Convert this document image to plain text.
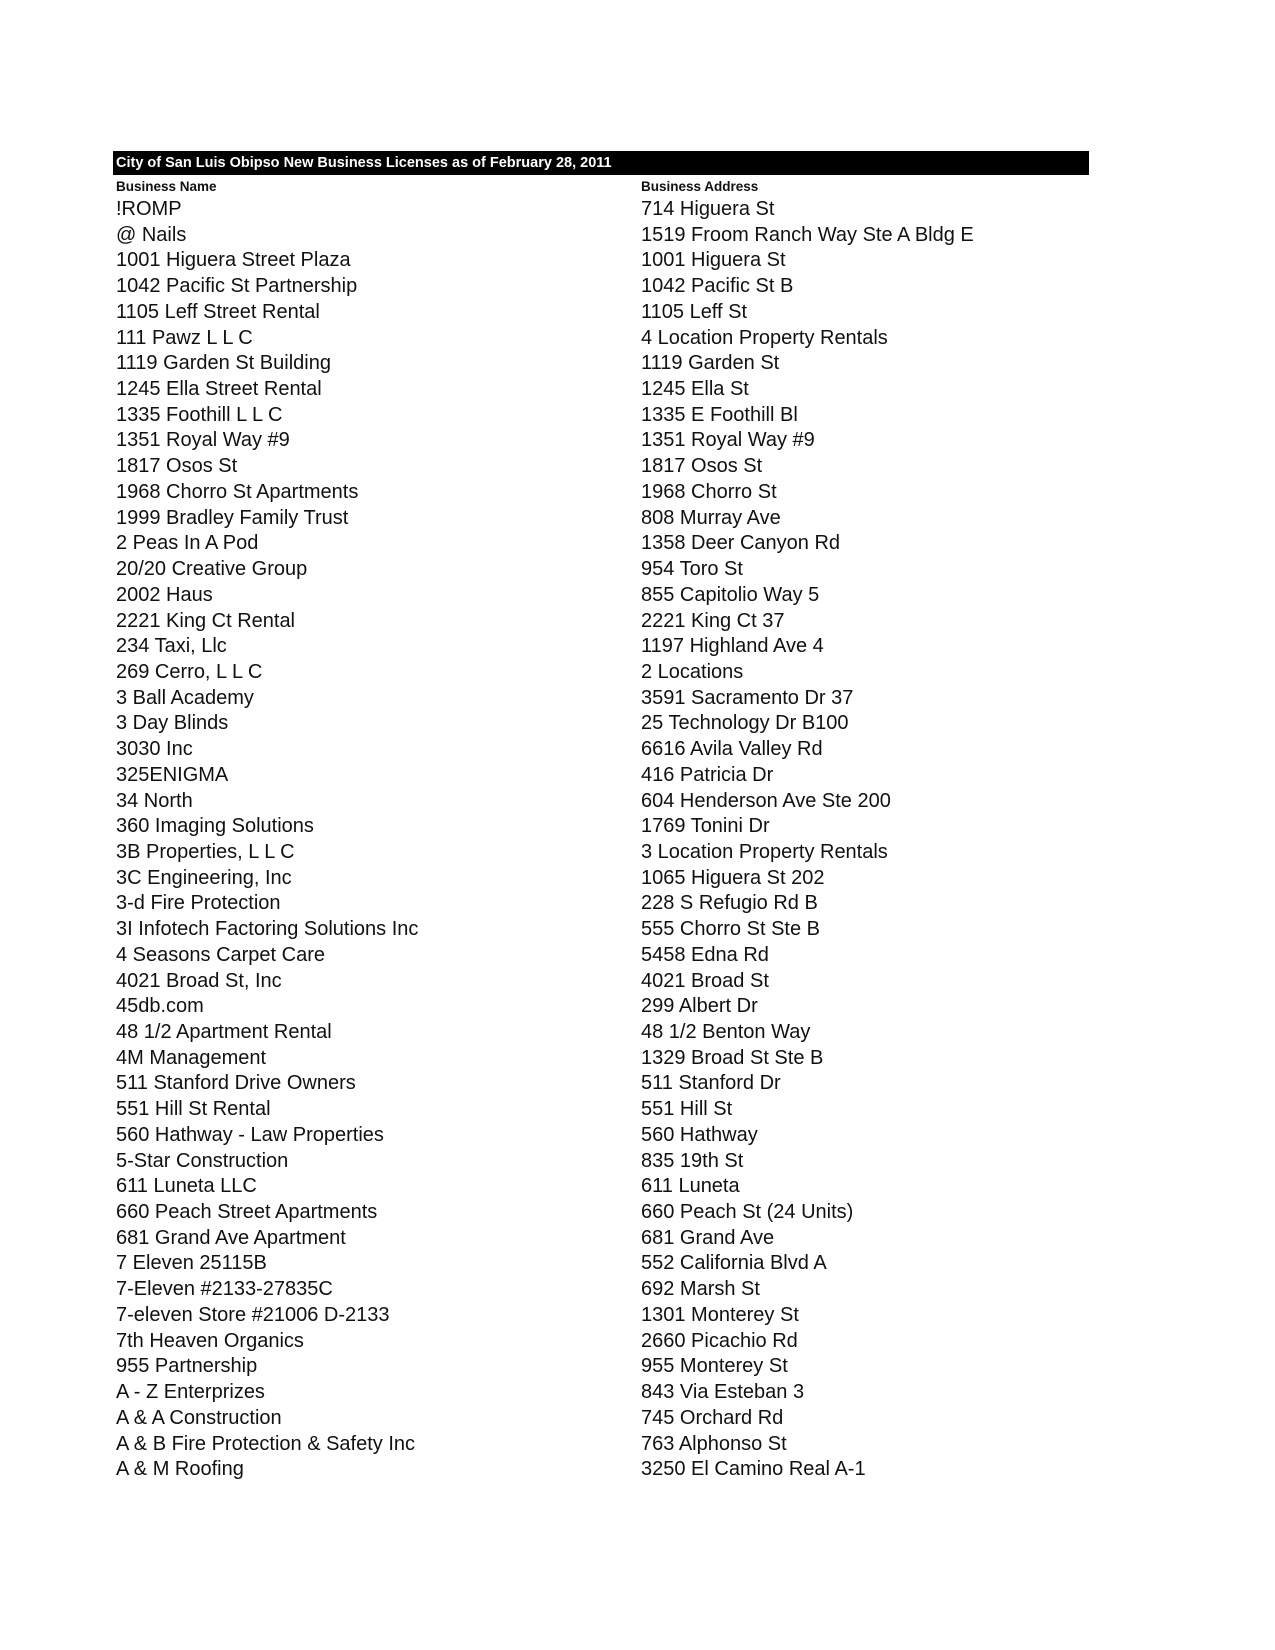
City of San Luis Obipso New Business Licenses as of February 28, 2011
Business Name	Business Address
!ROMP	714 Higuera St
@ Nails	1519 Froom Ranch Way Ste A Bldg E
1001 Higuera Street Plaza	1001 Higuera St
1042 Pacific St Partnership	1042 Pacific St B
1105 Leff Street Rental	1105 Leff St
111 Pawz L L C	4 Location Property Rentals
1119 Garden St Building	1119 Garden St
1245 Ella Street Rental	1245 Ella St
1335 Foothill L L C	1335 E Foothill Bl
1351 Royal Way #9	1351 Royal Way #9
1817 Osos St	1817 Osos St
1968 Chorro St Apartments	1968 Chorro St
1999 Bradley Family Trust	808 Murray Ave
2 Peas In A Pod	1358 Deer Canyon Rd
20/20 Creative Group	954 Toro St
2002 Haus	855 Capitolio Way 5
2221 King Ct Rental	2221 King Ct 37
234 Taxi, Llc	1197 Highland Ave 4
269 Cerro, L L C	2 Locations
3 Ball Academy	3591 Sacramento Dr 37
3 Day Blinds	25 Technology Dr B100
3030 Inc	6616 Avila Valley Rd
325ENIGMA	416 Patricia Dr
34 North	604 Henderson Ave Ste 200
360 Imaging Solutions	1769 Tonini Dr
3B Properties, L L C	3 Location Property Rentals
3C Engineering, Inc	1065 Higuera St 202
3-d Fire Protection	228 S Refugio Rd B
3I Infotech Factoring Solutions Inc	555 Chorro St Ste B
4 Seasons Carpet Care	5458 Edna Rd
4021 Broad St, Inc	4021 Broad St
45db.com	299 Albert Dr
48 1/2 Apartment Rental	48 1/2 Benton Way
4M Management	1329 Broad St Ste B
511 Stanford Drive Owners	511 Stanford Dr
551 Hill St Rental	551 Hill St
560 Hathway - Law Properties	560 Hathway
5-Star Construction	835 19th St
611 Luneta LLC	611 Luneta
660 Peach Street Apartments	660 Peach St (24 Units)
681 Grand Ave Apartment	681 Grand Ave
7 Eleven 25115B	552 California Blvd A
7-Eleven #2133-27835C	692 Marsh St
7-eleven Store #21006 D-2133	1301 Monterey St
7th Heaven Organics	2660 Picachio Rd
955 Partnership	955 Monterey St
A - Z Enterprizes	843 Via Esteban 3
A & A Construction	745 Orchard Rd
A & B Fire Protection & Safety Inc	763 Alphonso St
A & M Roofing	3250 El Camino Real A-1
